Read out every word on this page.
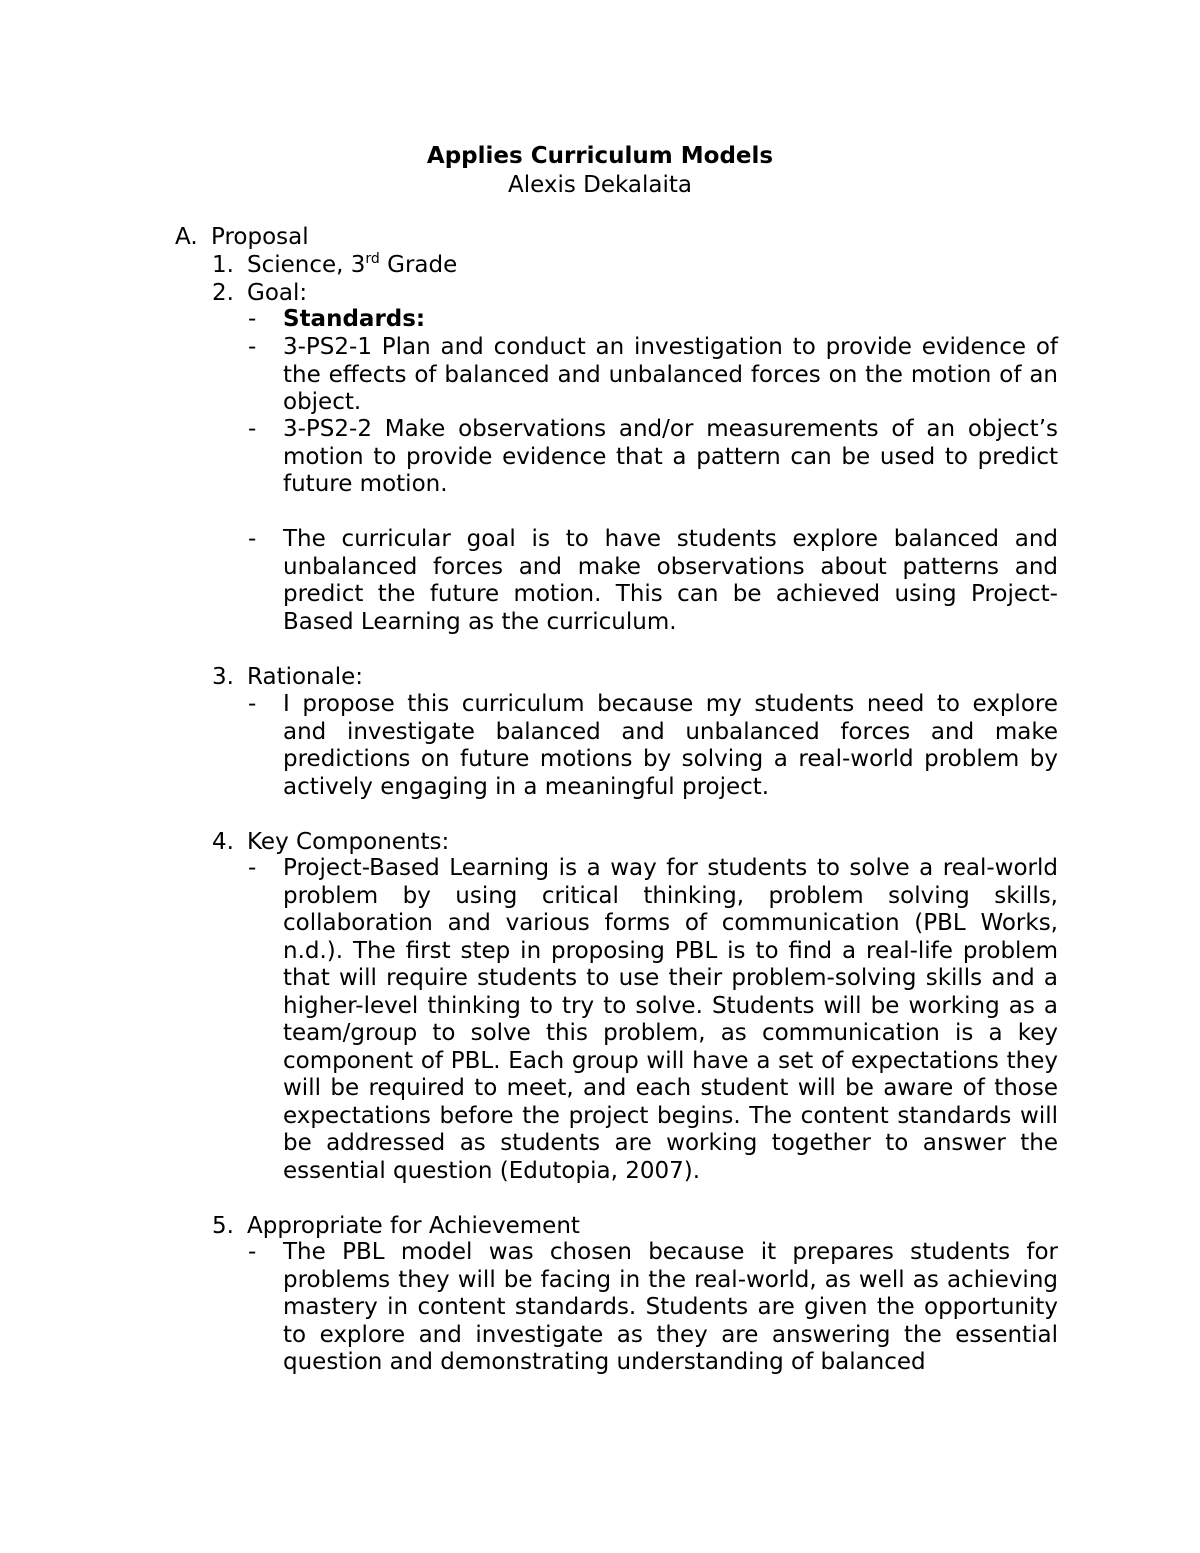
Applies Curriculum Models
Alexis Dekalaita
A. Proposal
1. Science, 3rd Grade
2. Goal:
- Standards:

- 3-PS2-1 Plan and conduct an investigation to provide evidence of the effects of balanced and unbalanced forces on the motion of an object.

- 3-PS2-2 Make observations and/or measurements of an object’s motion to provide evidence that a pattern can be used to predict future motion.

- The curricular goal is to have students explore balanced and unbalanced forces and make observations about patterns and predict the future motion. This can be achieved using Project-Based Learning as the curriculum.

3. Rationale:
- I propose this curriculum because my students need to explore and investigate balanced and unbalanced forces and make predictions on future motions by solving a real-world problem by actively engaging in a meaningful project.

4. Key Components:
- Project-Based Learning is a way for students to solve a real-world problem by using critical thinking, problem solving skills, collaboration and various forms of communication (PBL Works, n.d.). The first step in proposing PBL is to find a real-life problem that will require students to use their problem-solving skills and a higher-level thinking to try to solve. Students will be working as a team/group to solve this problem, as communication is a key component of PBL. Each group will have a set of expectations they will be required to meet, and each student will be aware of those expectations before the project begins. The content standards will be addressed as students are working together to answer the essential question (Edutopia, 2007).

5. Appropriate for Achievement
- The PBL model was chosen because it prepares students for problems they will be facing in the real-world, as well as achieving mastery in content standards. Students are given the opportunity to explore and investigate as they are answering the essential question and demonstrating understanding of balanced
